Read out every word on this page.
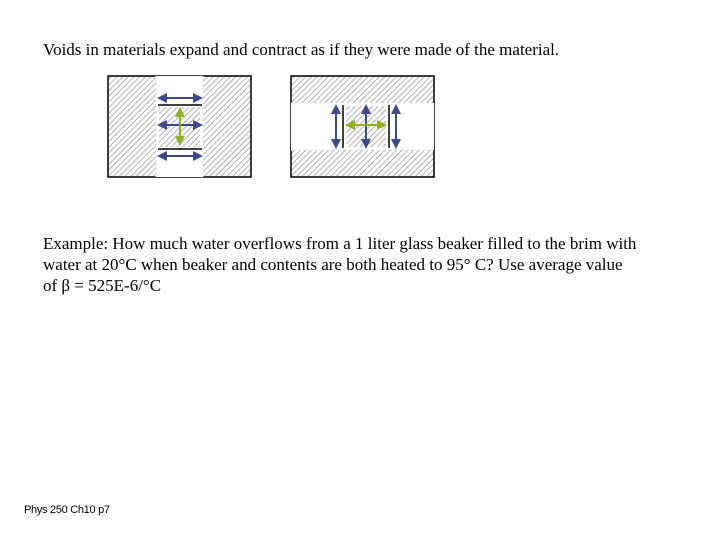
Voids in materials expand and contract as if they were made of the material.
Example: How much water overflows from a 1 liter glass beaker filled to the brim with
water at 20°C when beaker and contents are both heated to 95° C? Use average value
of β = 525E-6/°C
Phys 250 Ch10 p7
